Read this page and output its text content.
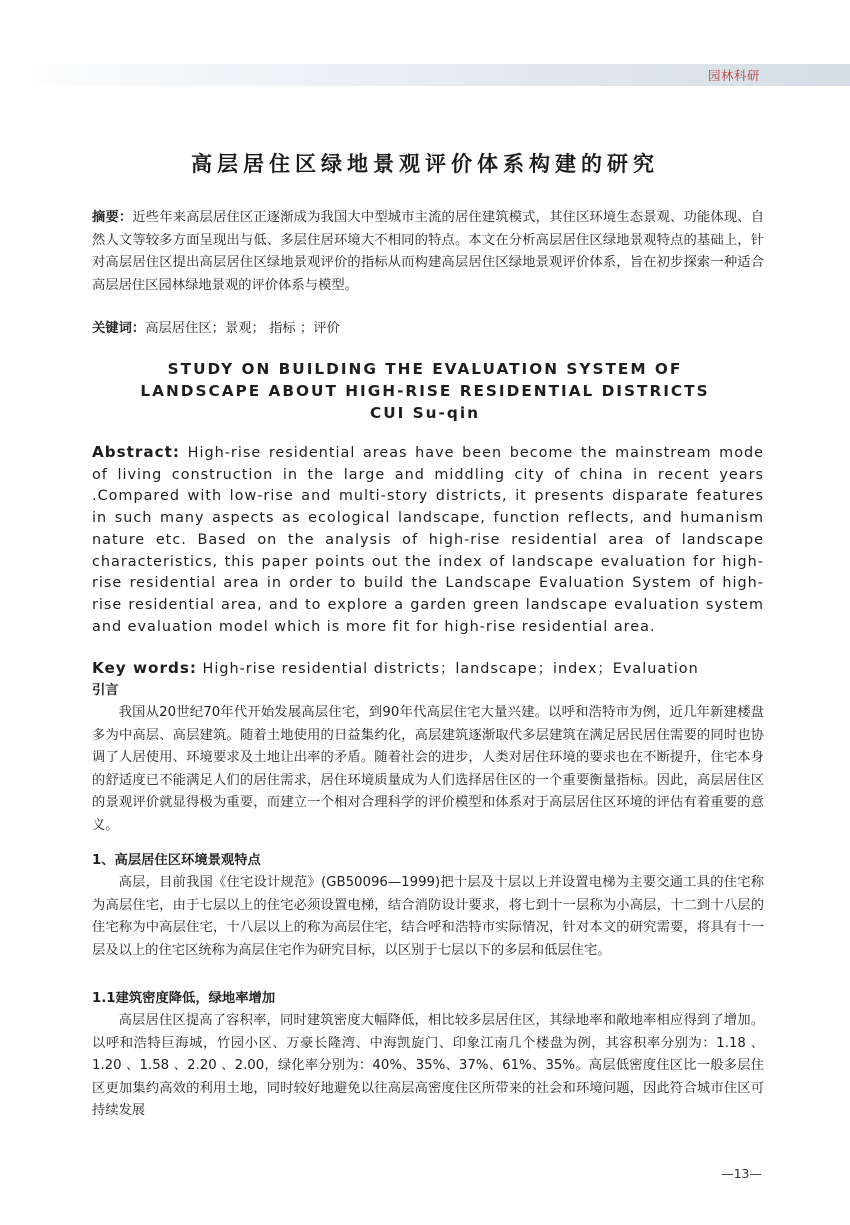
园林科研
高层居住区绿地景观评价体系构建的研究
摘要：近些年来高层居住区正逐渐成为我国大中型城市主流的居住建筑模式，其住区环境生态景观、功能体现、自然人文等较多方面呈现出与低、多层住居环境大不相同的特点。本文在分析高层居住区绿地景观特点的基础上，针对高层居住区提出高层居住区绿地景观评价的指标从而构建高层居住区绿地景观评价体系，旨在初步探索一种适合高层居住区园林绿地景观的评价体系与模型。
关键词：高层居住区；景观； 指标 ；评价
STUDY ON BUILDING THE EVALUATION SYSTEM OF
LANDSCAPE ABOUT HIGH-RISE RESIDENTIAL DISTRICTS
CUI Su-qin
Abstract: High-rise residential areas have been become the mainstream mode of living construction in the large and middling city of china in recent years .Compared with low-rise and multi-story districts, it presents disparate features in such many aspects as ecological landscape, function reflects, and humanism nature etc. Based on the analysis of high-rise residential area of landscape characteristics, this paper points out the index of landscape evaluation for high-rise residential area in order to build the Landscape Evaluation System of high-rise residential area, and to explore a garden green landscape evaluation system and evaluation model which is more fit for high-rise residential area.
Key words: High-rise residential districts；landscape；index；Evaluation
引言

我国从20世纪70年代开始发展高层住宅，到90年代高层住宅大量兴建。以呼和浩特市为例，近几年新建楼盘多为中高层、高层建筑。随着土地使用的日益集约化，高层建筑逐渐取代多层建筑在满足居民居住需要的同时也协调了人居使用、环境要求及土地让出率的矛盾。随着社会的进步，人类对居住环境的要求也在不断提升，住宅本身的舒适度已不能满足人们的居住需求，居住环境质量成为人们选择居住区的一个重要衡量指标。因此，高层居住区的景观评价就显得极为重要，而建立一个相对合理科学的评价模型和体系对于高层居住区环境的评估有着重要的意义。

1、高层居住区环境景观特点

高层，目前我国《住宅设计规范》(GB50096—1999)把十层及十层以上并设置电梯为主要交通工具的住宅称为高层住宅，由于七层以上的住宅必须设置电梯，结合消防设计要求，将七到十一层称为小高层，十二到十八层的住宅称为中高层住宅，十八层以上的称为高层住宅，结合呼和浩特市实际情况，针对本文的研究需要，将具有十一层及以上的住宅区统称为高层住宅作为研究目标，以区别于七层以下的多层和低层住宅。

1.1建筑密度降低，绿地率增加

高层居住区提高了容积率，同时建筑密度大幅降低，相比较多层居住区，其绿地率和敞地率相应得到了增加。以呼和浩特巨海城，竹园小区、万豪长隆湾、中海凯旋门、印象江南几个楼盘为例，其容积率分别为：1.18 、1.20 、1.58 、2.20 、2.00，绿化率分别为：40%、35%、37%、61%、35%。高层低密度住区比一般多层住区更加集约高效的利用土地，同时较好地避免以往高层高密度住区所带来的社会和环境问题，因此符合城市住区可持续发展

—13—
